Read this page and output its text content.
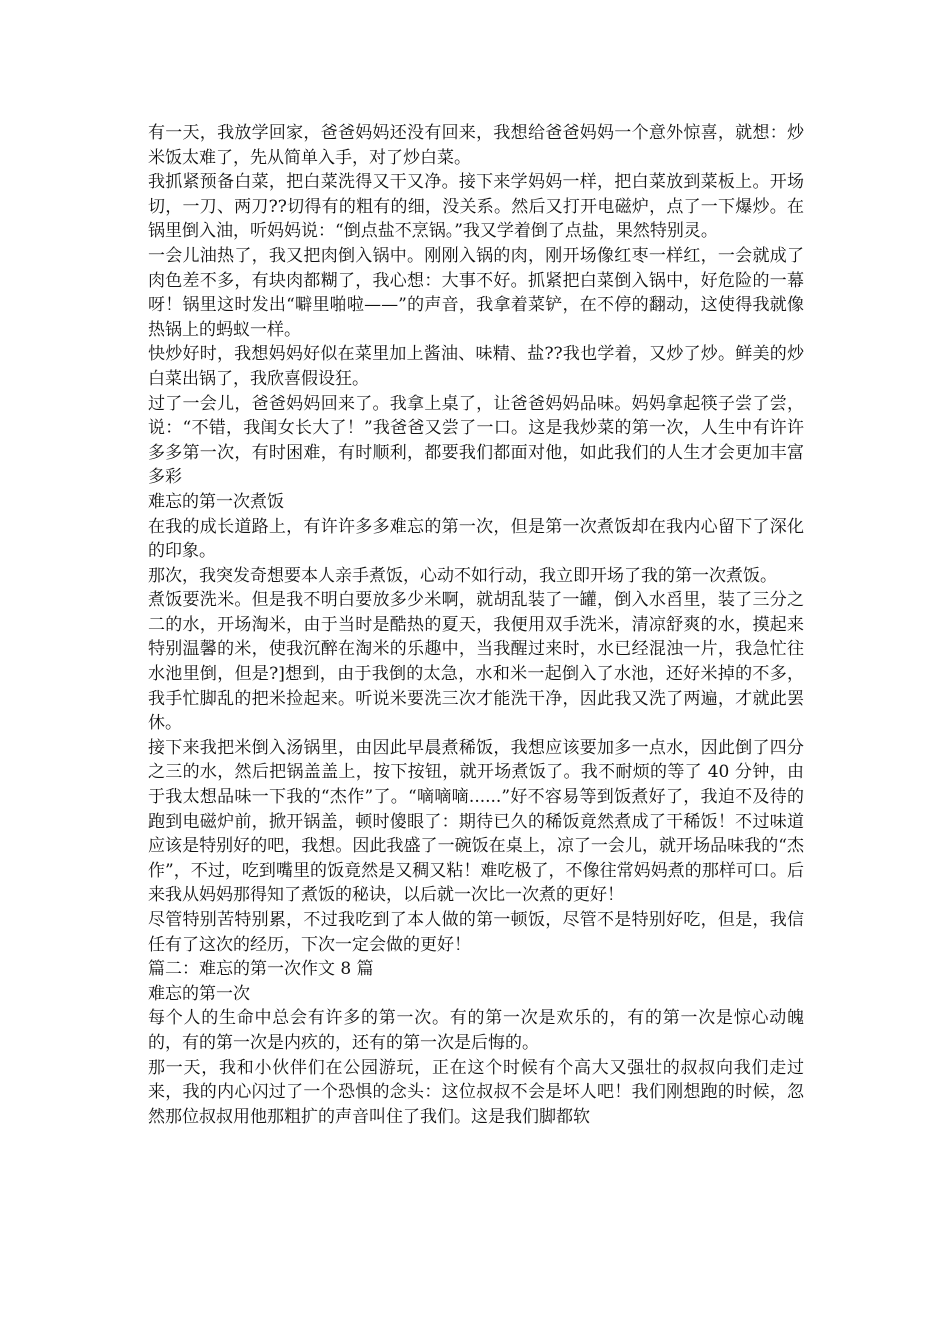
有一天，我放学回家，爸爸妈妈还没有回来，我想给爸爸妈妈一个意外惊喜，就想：炒米饭太难了，先从简单入手，对了炒白菜。

我抓紧预备白菜，把白菜洗得又干又净。接下来学妈妈一样，把白菜放到菜板上。开场切，一刀、两刀??切得有的粗有的细，没关系。然后又打开电磁炉，点了一下爆炒。在锅里倒入油，听妈妈说：“倒点盐不烹锅。”我又学着倒了点盐，果然特别灵。

一会儿油热了，我又把肉倒入锅中。刚刚入锅的肉，刚开场像红枣一样红，一会就成了肉色差不多，有块肉都糊了，我心想：大事不好。抓紧把白菜倒入锅中，好危险的一幕呀！锅里这时发出“噼里啪啦——”的声音，我拿着菜铲，在不停的翻动，这使得我就像热锅上的蚂蚁一样。

快炒好时，我想妈妈好似在菜里加上酱油、味精、盐??我也学着，又炒了炒。鲜美的炒白菜出锅了，我欣喜假设狂。

过了一会儿，爸爸妈妈回来了。我拿上桌了，让爸爸妈妈品味。妈妈拿起筷子尝了尝，说：“不错，我闺女长大了！”我爸爸又尝了一口。这是我炒菜的第一次，人生中有许许多多第一次，有时困难，有时顺利，都要我们都面对他，如此我们的人生才会更加丰富多彩

难忘的第一次煮饭

在我的成长道路上，有许许多多难忘的第一次，但是第一次煮饭却在我内心留下了深化的印象。

那次，我突发奇想要本人亲手煮饭，心动不如行动，我立即开场了我的第一次煮饭。

煮饭要洗米。但是我不明白要放多少米啊，就胡乱装了一罐，倒入水舀里，装了三分之二的水，开场淘米，由于当时是酷热的夏天，我便用双手洗米，清凉舒爽的水，摸起来特别温馨的米，使我沉醉在淘米的乐趣中，当我醒过来时，水已经混浊一片，我急忙往水池里倒，但是?]想到，由于我倒的太急，水和米一起倒入了水池，还好米掉的不多，我手忙脚乱的把米捡起来。听说米要洗三次才能洗干净，因此我又洗了两遍，才就此罢休。

接下来我把米倒入汤锅里，由因此早晨煮稀饭，我想应该要加多一点水，因此倒了四分之三的水，然后把锅盖盖上，按下按钮，就开场煮饭了。我不耐烦的等了 40 分钟，由于我太想品味一下我的“杰作”了。“嘀嘀嘀......”好不容易等到饭煮好了，我迫不及待的跑到电磁炉前，掀开锅盖，顿时傻眼了：期待已久的稀饭竟然煮成了干稀饭！不过味道应该是特别好的吧，我想。因此我盛了一碗饭在桌上，凉了一会儿，就开场品味我的“杰作”，不过，吃到嘴里的饭竟然是又稠又粘！难吃极了，不像往常妈妈煮的那样可口。后来我从妈妈那得知了煮饭的秘诀，以后就一次比一次煮的更好！

尽管特别苦特别累，不过我吃到了本人做的第一顿饭，尽管不是特别好吃，但是，我信任有了这次的经历，下次一定会做的更好！

篇二：难忘的第一次作文 8 篇

难忘的第一次

每个人的生命中总会有许多的第一次。有的第一次是欢乐的，有的第一次是惊心动魄的，有的第一次是内疚的，还有的第一次是后悔的。

那一天，我和小伙伴们在公园游玩，正在这个时候有个高大又强壮的叔叔向我们走过来，我的内心闪过了一个恐惧的念头：这位叔叔不会是坏人吧！我们刚想跑的时候，忽然那位叔叔用他那粗扩的声音叫住了我们。这是我们脚都软
